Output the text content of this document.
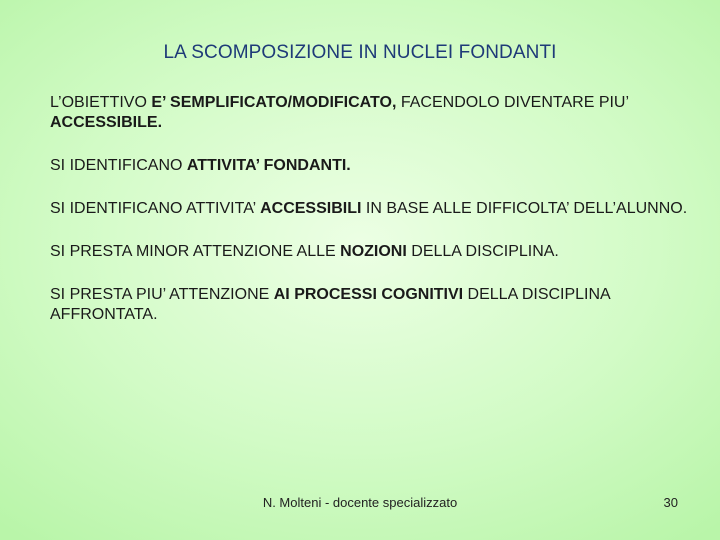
LA SCOMPOSIZIONE IN NUCLEI FONDANTI

L’OBIETTIVO E’ SEMPLIFICATO/MODIFICATO, FACENDOLO DIVENTARE PIU’ ACCESSIBILE.

SI IDENTIFICANO ATTIVITA’ FONDANTI.

SI IDENTIFICANO ATTIVITA’ ACCESSIBILI IN BASE ALLE DIFFICOLTA’ DELL’ALUNNO.

SI PRESTA MINOR ATTENZIONE ALLE NOZIONI DELLA DISCIPLINA.

SI PRESTA PIU’ ATTENZIONE AI PROCESSI COGNITIVI DELLA DISCIPLINA AFFRONTATA.

N. Molteni - docente specializzato	30
